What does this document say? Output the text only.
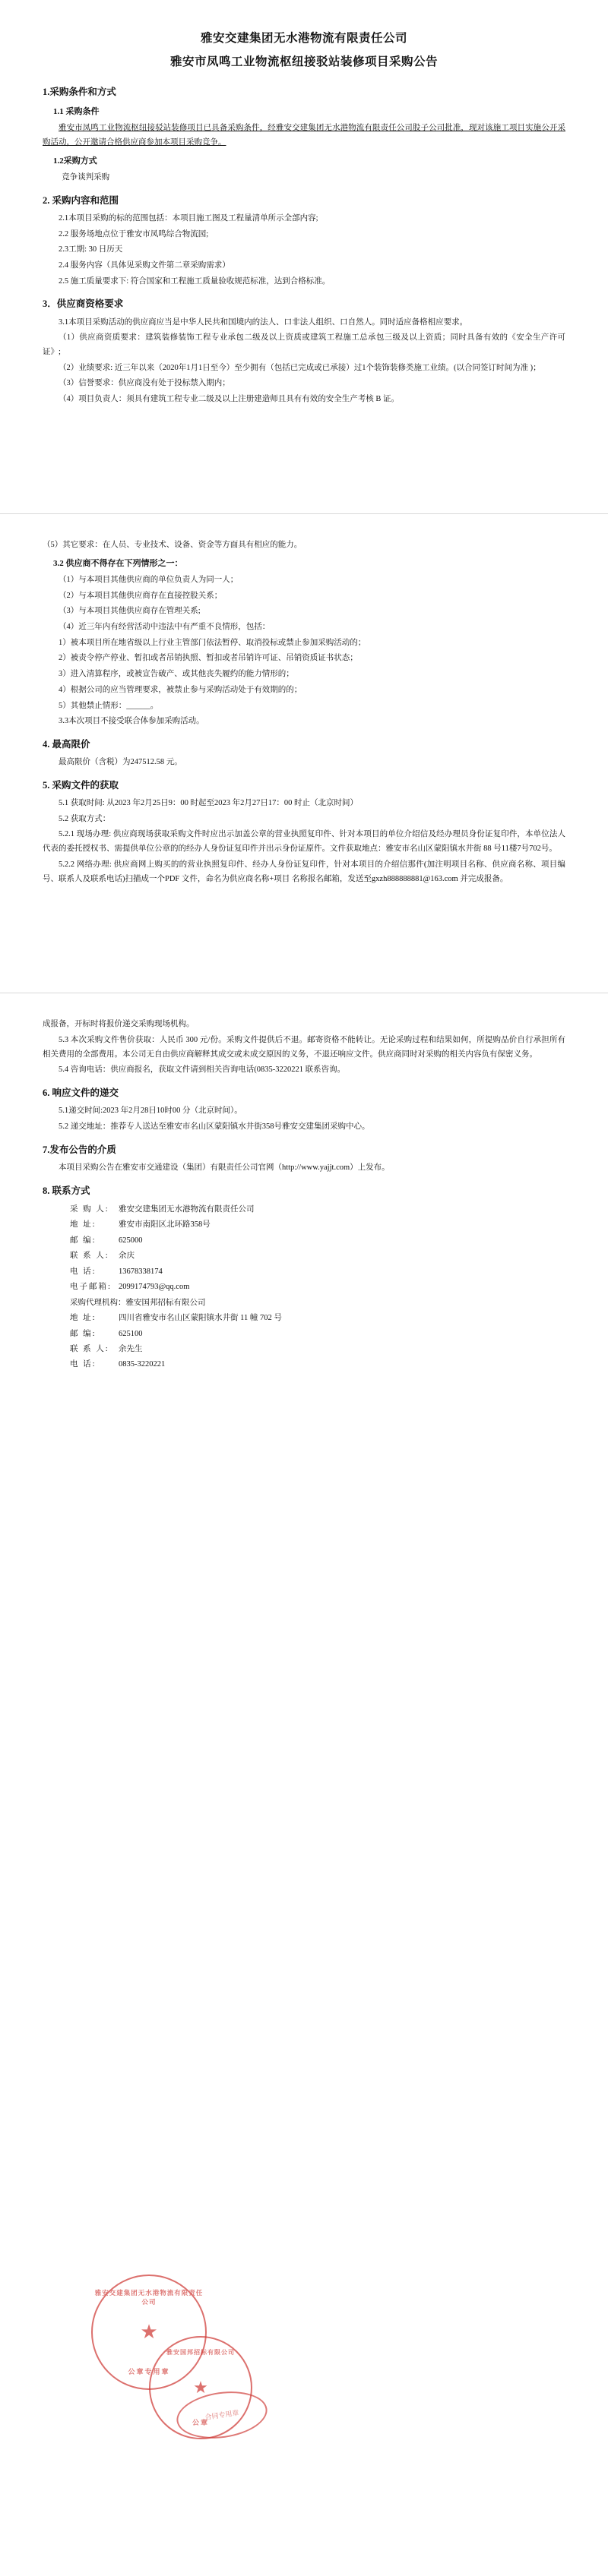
雅安交建集团无水港物流有限责任公司
雅安市凤鸣工业物流枢纽接驳站装修项目采购公告
1.采购条件和方式
1.1 采购条件
雅安市凤鸣工业物流枢纽接驳站装修项目已具备采购条件，经雅安交建集团无水港物流有限责任公司股子公司批准，现对该施工项目实施公开采购活动，公开邀请合格供应商参加本项目采购竞争。
1.2采购方式
竞争谈判采购
2. 采购内容和范围
2.1本项目采购的标的范围包括：本项目施工图及工程量清单所示全部内容;
2.2 服务场地点位于雅安市凤鸣综合物流园;
2.3工期: 30 日历天
2.4 服务内容（具体见采购文件第二章采购需求）
2.5 施工质量要求下: 符合国家和工程施工质量验收规范标准，达到合格标准。
3．供应商资格要求
3.1本项目采购活动的供应商应当是中华人民共和国境内的法人、口非法人组织、口自然人。同时适应备格相应要求。
（1）供应商资质要求：建筑装修装饰工程专业承包二级及以上资质或建筑工程施工总承包三级及以上资质；同时具备有效的《安全生产许可证》;
（2）业绩要求: 近三年以来（2020年1月1日至今）至少拥有（包括已完成或已承接）过1个装饰装修类施工业绩。(以合同签订时间为准 )；
（3）信誉要求：供应商没有处于投标禁入期内；
（4）项目负责人：须具有建筑工程专业二级及以上注册建造师且具有有效的安全生产考核 B 证。
（5）其它要求：在人员、专业技术、设备、资金等方面具有相应的能力。
3.2 供应商不得存在下列情形之一：
（1）与本项目其他供应商的单位负责人为同一人；
（2）与本项目其他供应商存在直接控股关系；
（3）与本项目其他供应商存在管理关系;
（4）近三年内有经营活动中违法中有严重不良情形，包括：
1）被本项目所在地省级以上行业主管部门依法暂停、取消投标或禁止参加采购活动的；
2）被责令停产停业、暂扣或者吊销执照、暂扣或者吊销许可证、吊销资质证书状态；
3）进入清算程序，或被宣告破产、或其他丧失履约的能力情形的；
4）根据公司的应当管理要求，被禁止参与采购活动处于有效期的的；
5）其他禁止情形：______。
3.3本次项目不接受联合体参加采购活动。
4. 最高限价
最高限价（含税）为247512.58 元。
5. 采购文件的获取
5.1 获取时间: 从2023 年2月25日9：00 时起至2023 年2月27日17：00 时止（北京时间）
5.2 获取方式：
5.2.1 现场办理: 供应商现场获取采购文件时应出示加盖公章的营业执照复印件、针对本项目的单位介绍信及经办理员身份证复印件，本单位法人代表的委托授权书、需提供单位公章的的经办人身份证复印件并出示身份证原件。文件获取地点：雅安市名山区蒙阳镇水井街 88 号11楼7号702号。
5.2.2 网络办理: 供应商网上购买的的营业执照复印件、经办人身份证复印件，针对本项目的介绍信那件(加注明项目名称、供应商名称、项目编号、联系人及联系电话)扫描成一个PDF 文件，命名为供应商名称+项目 名称报名邮箱，发送至gxzh888888881@163.com 并完成报备。
成报备，开标时将报价递交采购现场机构。
5.3 本次采购文件售价获取：人民币 300 元/份。采购文件提供后不退。邮寄资格不能转让。无论采购过程和结果如何，所提购品价自行承担所有相关费用的全部费用。本公司无自由供应商解释其成交或未成交原因的义务，不退还响应文件。供应商同时对采购的相关内容负有保密义务。
5.4 咨询电话：供应商报名，获取文件请到相关咨询电话(0835-3220221 联系咨询。
6. 响应文件的递交
5.1递交时间:2023 年2月28日10时00 分（北京时间）。
5.2 递交地址：推荐专人送达至雅安市名山区蒙阳镇水井街358号雅安交建集团采购中心。
7.发布公告的介质
本项目采购公告在雅安市交通建设（集团）有限责任公司官网（http://www.yajjt.com）上发布。
8. 联系方式
采 购 人:	雅安交建集团无水港物流有限责任公司
地 址:	雅安市南阳区北环路358号
邮 编:	625000
联 系 人:	余庆
电 话:	13678338174
电子邮箱: 2099174793@qq.com
采购代理机构：雅安国邦招标有限公司
地 址:	四川省雅安市名山区蒙阳镇水井街 11 幢 702 号
邮 编:	625100
联 系 人:	余先生
电 话:	0835-3220221
雅安交建集团无水港物流有限责任公司
★
公章专用章
雅安国邦招标有限公司
★
公章
合同专用章
